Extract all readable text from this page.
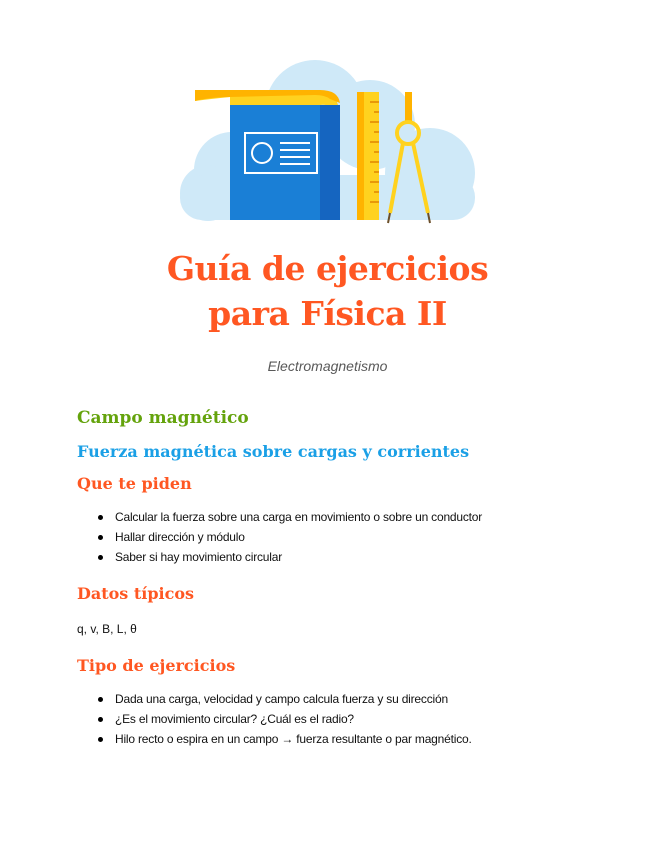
Guía de ejercicios
para Física II

Electromagnetismo

Campo magnético
Fuerza magnética sobre cargas y corrientes
Que te piden
Calcular la fuerza sobre una carga en movimiento o sobre un conductor
Hallar dirección y módulo
Saber si hay movimiento circular
Datos típicos

q, v, B, L, θ

Tipo de ejercicios
Dada una carga, velocidad y campo calcula fuerza y su dirección
¿Es el movimiento circular? ¿Cuál es el radio?
Hilo recto o espira en un campo → fuerza resultante o par magnético.
